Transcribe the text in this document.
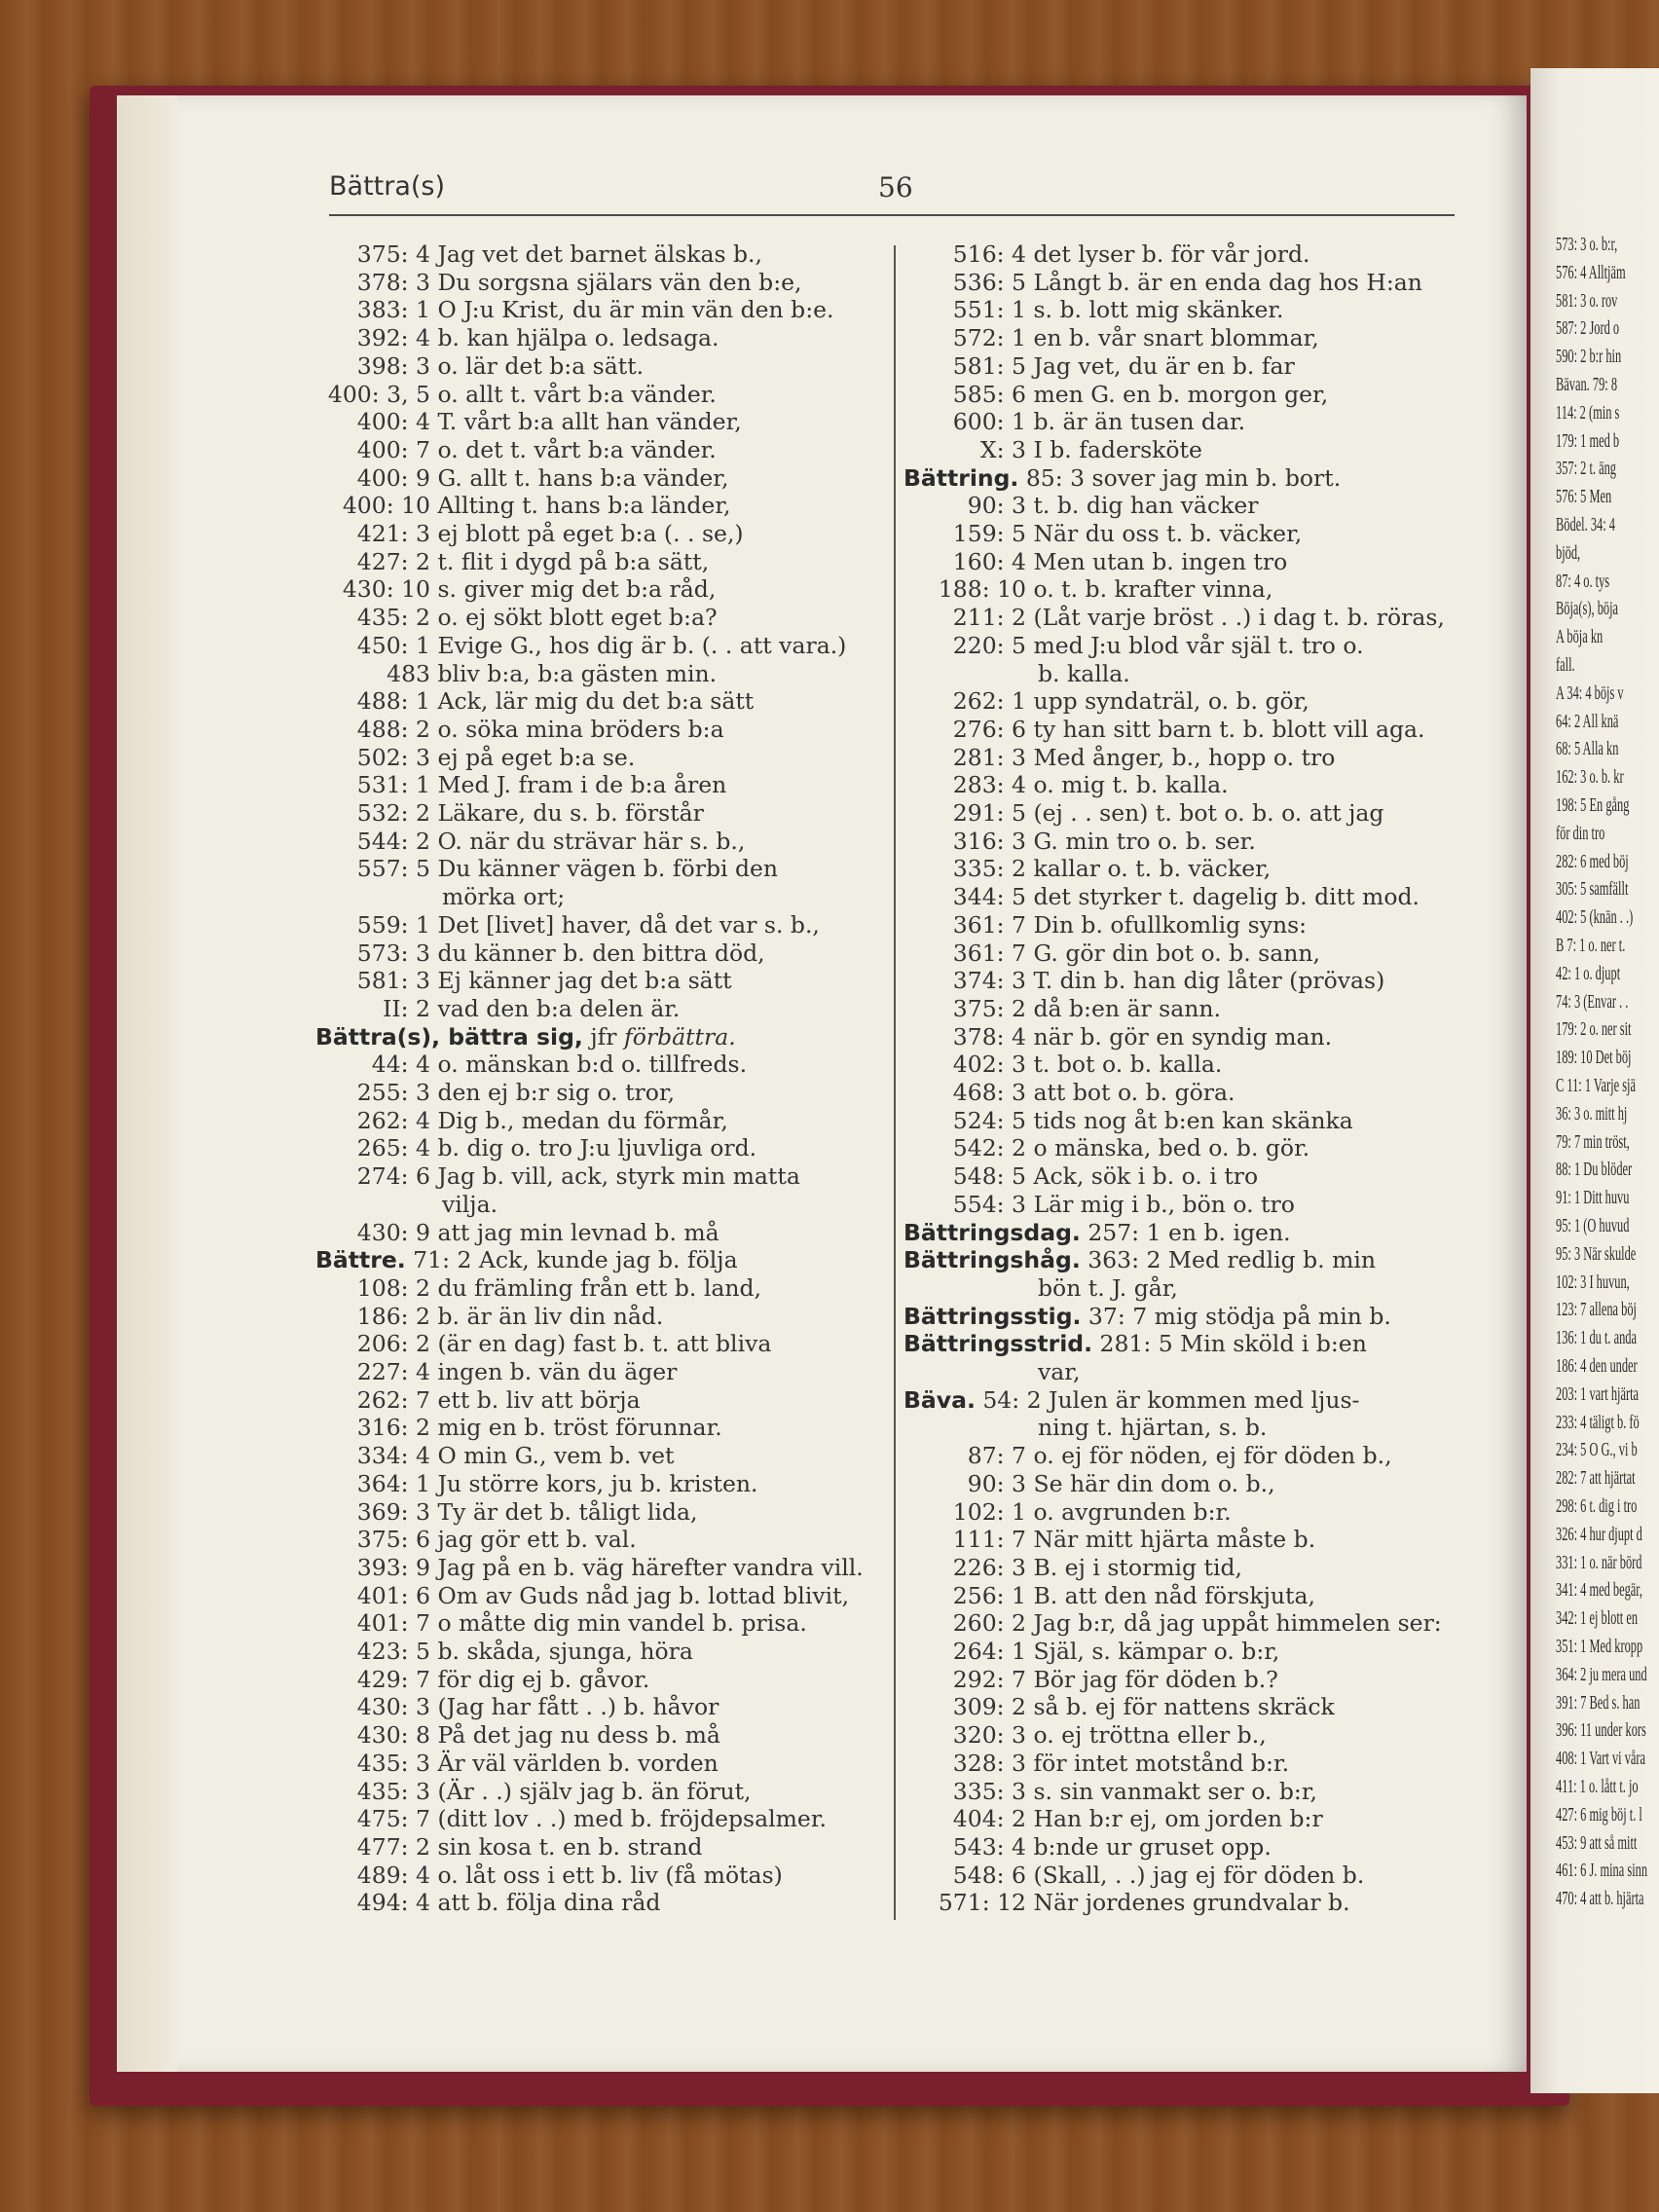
573: 3 o. b:r,
576: 4 Alltjäm
581: 3 o. rov
587: 2 Jord o
590: 2 b:r hin
Bävan. 79: 8
114: 2 (min s
179: 1 med b
357: 2 t. äng
576: 5 Men
Bödel. 34: 4
bjöd,
87: 4 o. tys
Böja(s), böja
A böja kn
fall.
A 34: 4 böjs v
64: 2 All knä
68: 5 Alla kn
162: 3 o. b. kr
198: 5 En gång
för din tro
282: 6 med böj
305: 5 samfällt
402: 5 (knän . .)
B 7: 1 o. ner t.
42: 1 o. djupt
74: 3 (Envar . .
179: 2 o. ner sit
189: 10 Det böj
C 11: 1 Varje sjä
36: 3 o. mitt hj
79: 7 min tröst,
88: 1 Du blöder
91: 1 Ditt huvu
95: 1 (O huvud
95: 3 När skulde
102: 3 I huvun,
123: 7 allena böj
136: 1 du t. anda
186: 4 den under
203: 1 vart hjärta
233: 4 täligt b. fö
234: 5 O G., vi b
282: 7 att hjärtat
298: 6 t. dig i tro
326: 4 hur djupt d
331: 1 o. när börd
341: 4 med begär,
342: 1 ej blott en
351: 1 Med kropp
364: 2 ju mera und
391: 7 Bed s. han
396: 11 under kors
408: 1 Vart vi våra
411: 1 o. lått t. jo
427: 6 mig böj t. l
453: 9 att så mitt
461: 6 J. mina sinn
470: 4 att b. hjärta
Bättra(s)	56
375: 4 Jag vet det barnet älskas b.,
378: 3 Du sorgsna själars vän den b:e,
383: 1 O J:u Krist, du är min vän den b:e.
392: 4 b. kan hjälpa o. ledsaga.
398: 3 o. lär det b:a sätt.
400: 3, 5 o. allt t. vårt b:a vänder.
400: 4 T. vårt b:a allt han vänder,
400: 7 o. det t. vårt b:a vänder.
400: 9 G. allt t. hans b:a vänder,
400: 10 Allting t. hans b:a länder,
421: 3 ej blott på eget b:a (. . se,)
427: 2 t. flit i dygd på b:a sätt,
430: 10 s. giver mig det b:a råd,
435: 2 o. ej sökt blott eget b:a?
450: 1 Evige G., hos dig är b. (. . att vara.)
483 bliv b:a, b:a gästen min.
488: 1 Ack, lär mig du det b:a sätt
488: 2 o. söka mina bröders b:a
502: 3 ej på eget b:a se.
531: 1 Med J. fram i de b:a åren
532: 2 Läkare, du s. b. förstår
544: 2 O. när du strävar här s. b.,
557: 5 Du känner vägen b. förbi den
mörka ort;
559: 1 Det [livet] haver, då det var s. b.,
573: 3 du känner b. den bittra död,
581: 3 Ej känner jag det b:a sätt
II: 2 vad den b:a delen är.
Bättra(s), bättra sig, jfr förbättra.
44: 4 o. mänskan b:d o. tillfreds.
255: 3 den ej b:r sig o. tror,
262: 4 Dig b., medan du förmår,
265: 4 b. dig o. tro J:u ljuvliga ord.
274: 6 Jag b. vill, ack, styrk min matta
vilja.
430: 9 att jag min levnad b. må
Bättre. 71: 2 Ack, kunde jag b. följa
108: 2 du främling från ett b. land,
186: 2 b. är än liv din nåd.
206: 2 (är en dag) fast b. t. att bliva
227: 4 ingen b. vän du äger
262: 7 ett b. liv att börja
316: 2 mig en b. tröst förunnar.
334: 4 O min G., vem b. vet
364: 1 Ju större kors, ju b. kristen.
369: 3 Ty är det b. tåligt lida,
375: 6 jag gör ett b. val.
393: 9 Jag på en b. väg härefter vandra vill.
401: 6 Om av Guds nåd jag b. lottad blivit,
401: 7 o måtte dig min vandel b. prisa.
423: 5 b. skåda, sjunga, höra
429: 7 för dig ej b. gåvor.
430: 3 (Jag har fått . .) b. håvor
430: 8 På det jag nu dess b. må
435: 3 Är väl världen b. vorden
435: 3 (Är . .) själv jag b. än förut,
475: 7 (ditt lov . .) med b. fröjdepsalmer.
477: 2 sin kosa t. en b. strand
489: 4 o. låt oss i ett b. liv (få mötas)
494: 4 att b. följa dina råd
516: 4 det lyser b. för vår jord.
536: 5 Långt b. är en enda dag hos H:an
551: 1 s. b. lott mig skänker.
572: 1 en b. vår snart blommar,
581: 5 Jag vet, du är en b. far
585: 6 men G. en b. morgon ger,
600: 1 b. är än tusen dar.
X: 3 I b. fadersköte
Bättring. 85: 3 sover jag min b. bort.
90: 3 t. b. dig han väcker
159: 5 När du oss t. b. väcker,
160: 4 Men utan b. ingen tro
188: 10 o. t. b. krafter vinna,
211: 2 (Låt varje bröst . .) i dag t. b. röras,
220: 5 med J:u blod vår själ t. tro o.
b. kalla.
262: 1 upp syndaträl, o. b. gör,
276: 6 ty han sitt barn t. b. blott vill aga.
281: 3 Med ånger, b., hopp o. tro
283: 4 o. mig t. b. kalla.
291: 5 (ej . . sen) t. bot o. b. o. att jag
316: 3 G. min tro o. b. ser.
335: 2 kallar o. t. b. väcker,
344: 5 det styrker t. dagelig b. ditt mod.
361: 7 Din b. ofullkomlig syns:
361: 7 G. gör din bot o. b. sann,
374: 3 T. din b. han dig låter (prövas)
375: 2 då b:en är sann.
378: 4 när b. gör en syndig man.
402: 3 t. bot o. b. kalla.
468: 3 att bot o. b. göra.
524: 5 tids nog åt b:en kan skänka
542: 2 o mänska, bed o. b. gör.
548: 5 Ack, sök i b. o. i tro
554: 3 Lär mig i b., bön o. tro
Bättringsdag. 257: 1 en b. igen.
Bättringshåg. 363: 2 Med redlig b. min
bön t. J. går,
Bättringsstig. 37: 7 mig stödja på min b.
Bättringsstrid. 281: 5 Min sköld i b:en
var,
Bäva. 54: 2 Julen är kommen med ljus-
ning t. hjärtan, s. b.
87: 7 o. ej för nöden, ej för döden b.,
90: 3 Se här din dom o. b.,
102: 1 o. avgrunden b:r.
111: 7 När mitt hjärta måste b.
226: 3 B. ej i stormig tid,
256: 1 B. att den nåd förskjuta,
260: 2 Jag b:r, då jag uppåt himmelen ser:
264: 1 Själ, s. kämpar o. b:r,
292: 7 Bör jag för döden b.?
309: 2 så b. ej för nattens skräck
320: 3 o. ej tröttna eller b.,
328: 3 för intet motstånd b:r.
335: 3 s. sin vanmakt ser o. b:r,
404: 2 Han b:r ej, om jorden b:r
543: 4 b:nde ur gruset opp.
548: 6 (Skall, . .) jag ej för döden b.
571: 12 När jordenes grundvalar b.
